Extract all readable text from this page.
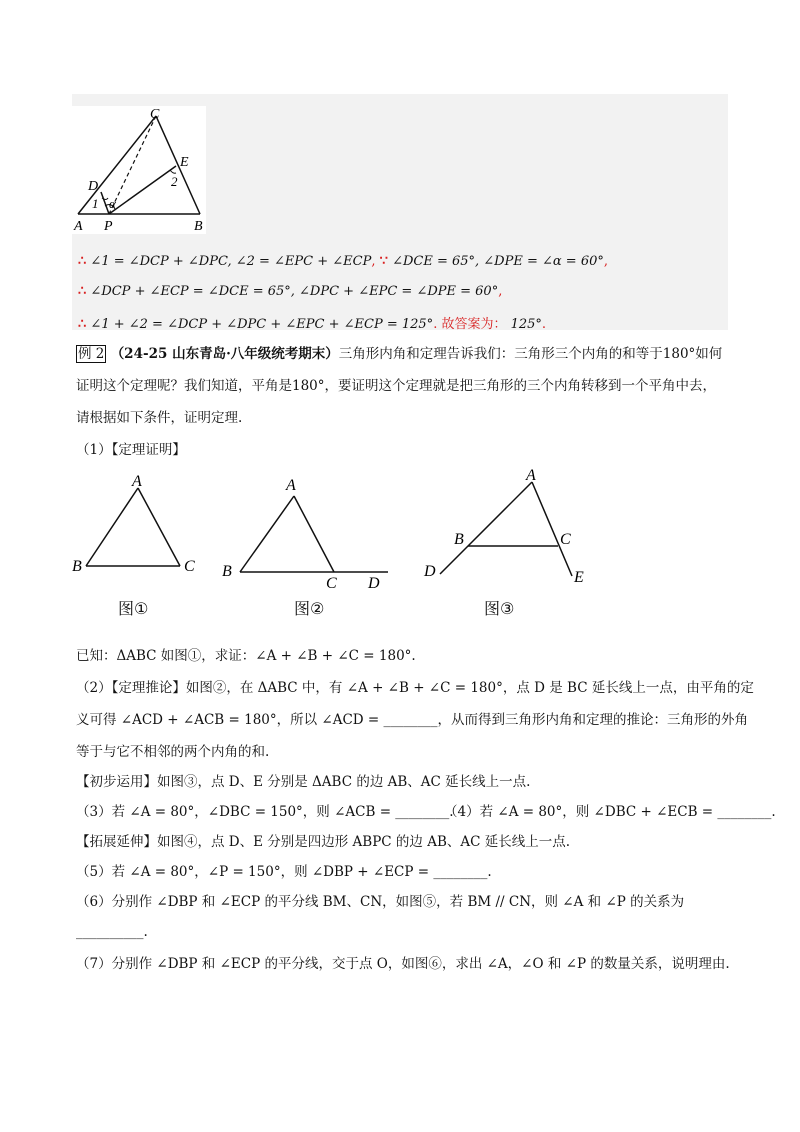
C
E
D	2
1 α
A P	B
∴ ∠1 = ∠DCP + ∠DPC, ∠2 = ∠EPC + ∠ECP, ∵ ∠DCE = 65°, ∠DPE = ∠α = 60°,
∴ ∠DCP + ∠ECP = ∠DCE = 65°, ∠DPC + ∠EPC = ∠DPE = 60°,
∴ ∠1 + ∠2 = ∠DCP + ∠DPC + ∠EPC + ∠ECP = 125°. 故答案为： 125°.
例 2 （24-25 山东青岛·八年级统考期末）三角形内角和定理告诉我们：三角形三个内角的和等于180°如何
证明这个定理呢？我们知道，平角是180°，要证明这个定理就是把三角形的三个内角转移到一个平角中去，
请根据如下条件，证明定理.
（1）【定理证明】
A
B	C
图①
A
B
C D
图②
A
B	C
D	E
图③
已知：ΔABC 如图①，求证：∠A + ∠B + ∠C = 180°.
（2）【定理推论】如图②，在 ΔABC 中，有 ∠A + ∠B + ∠C = 180°，点 D 是 BC 延长线上一点，由平角的定
义可得 ∠ACD + ∠ACB = 180°，所以 ∠ACD = ________，从而得到三角形内角和定理的推论：三角形的外角
等于与它不相邻的两个内角的和.
【初步运用】如图③，点 D、E 分别是 ΔABC 的边 AB、AC 延长线上一点.
（3）若 ∠A = 80°，∠DBC = 150°，则 ∠ACB = ________.
（4）若 ∠A = 80°，则 ∠DBC + ∠ECB = ________.
【拓展延伸】如图④，点 D、E 分别是四边形 ABPC 的边 AB、AC 延长线上一点.
（5）若 ∠A = 80°，∠P = 150°，则 ∠DBP + ∠ECP = ________.
（6）分别作 ∠DBP 和 ∠ECP 的平分线 BM、CN，如图⑤，若 BM // CN，则 ∠A 和 ∠P 的关系为
__________.
（7）分别作 ∠DBP 和 ∠ECP 的平分线，交于点 O，如图⑥，求出 ∠A，∠O 和 ∠P 的数量关系，说明理由.
